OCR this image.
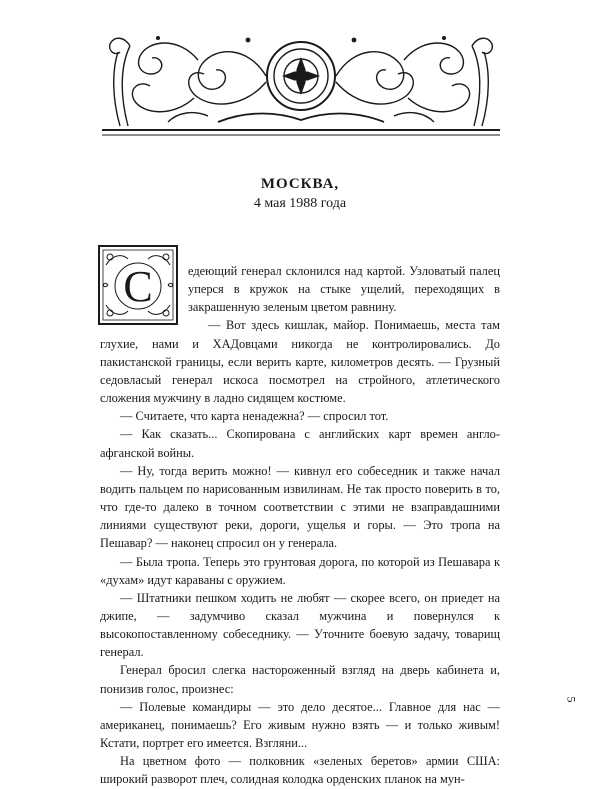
МОСКВА,
4 мая 1988 года
С	едеющий генерал склонился над картой. Узловатый палец уперся в кружок на стыке ущелий, переходящих в закрашенную зеленым цветом равнину.

— Вот здесь кишлак, майор. Понимаешь, места там глухие, нами и ХАДовцами никогда не контролировались. До пакистанской границы, если верить карте, километров десять. — Грузный седовласый генерал искоса посмотрел на стройного, атлетического сложения мужчину в ладно сидящем костюме.

— Считаете, что карта ненадежна? — спросил тот.

— Как сказать... Скопирована с английских карт времен англо-афганской войны.

— Ну, тогда верить можно! — кивнул его собеседник и также начал водить пальцем по нарисованным извилинам. Не так просто поверить в то, что где-то далеко в точном соответствии с этими не взаправдашними линиями существуют реки, дороги, ущелья и горы. — Это тропа на Пешавар? — наконец спросил он у генерала.

— Была тропа. Теперь это грунтовая дорога, по которой из Пешавара к «духам» идут караваны с оружием.

— Штатники пешком ходить не любят — скорее всего, он приедет на джипе, — задумчиво сказал мужчина и повернулся к высокопоставленному собеседнику. — Уточните боевую задачу, товарищ генерал.

Генерал бросил слегка настороженный взгляд на дверь кабинета и, понизив голос, произнес:

— Полевые командиры — это дело десятое... Главное для нас — американец, понимаешь? Его живым нужно взять — и только живым! Кстати, портрет его имеется. Взгляни...

На цветном фото — полковник «зеленых беретов» армии США: широкий разворот плеч, солидная колодка орденских планок на мун-

5
